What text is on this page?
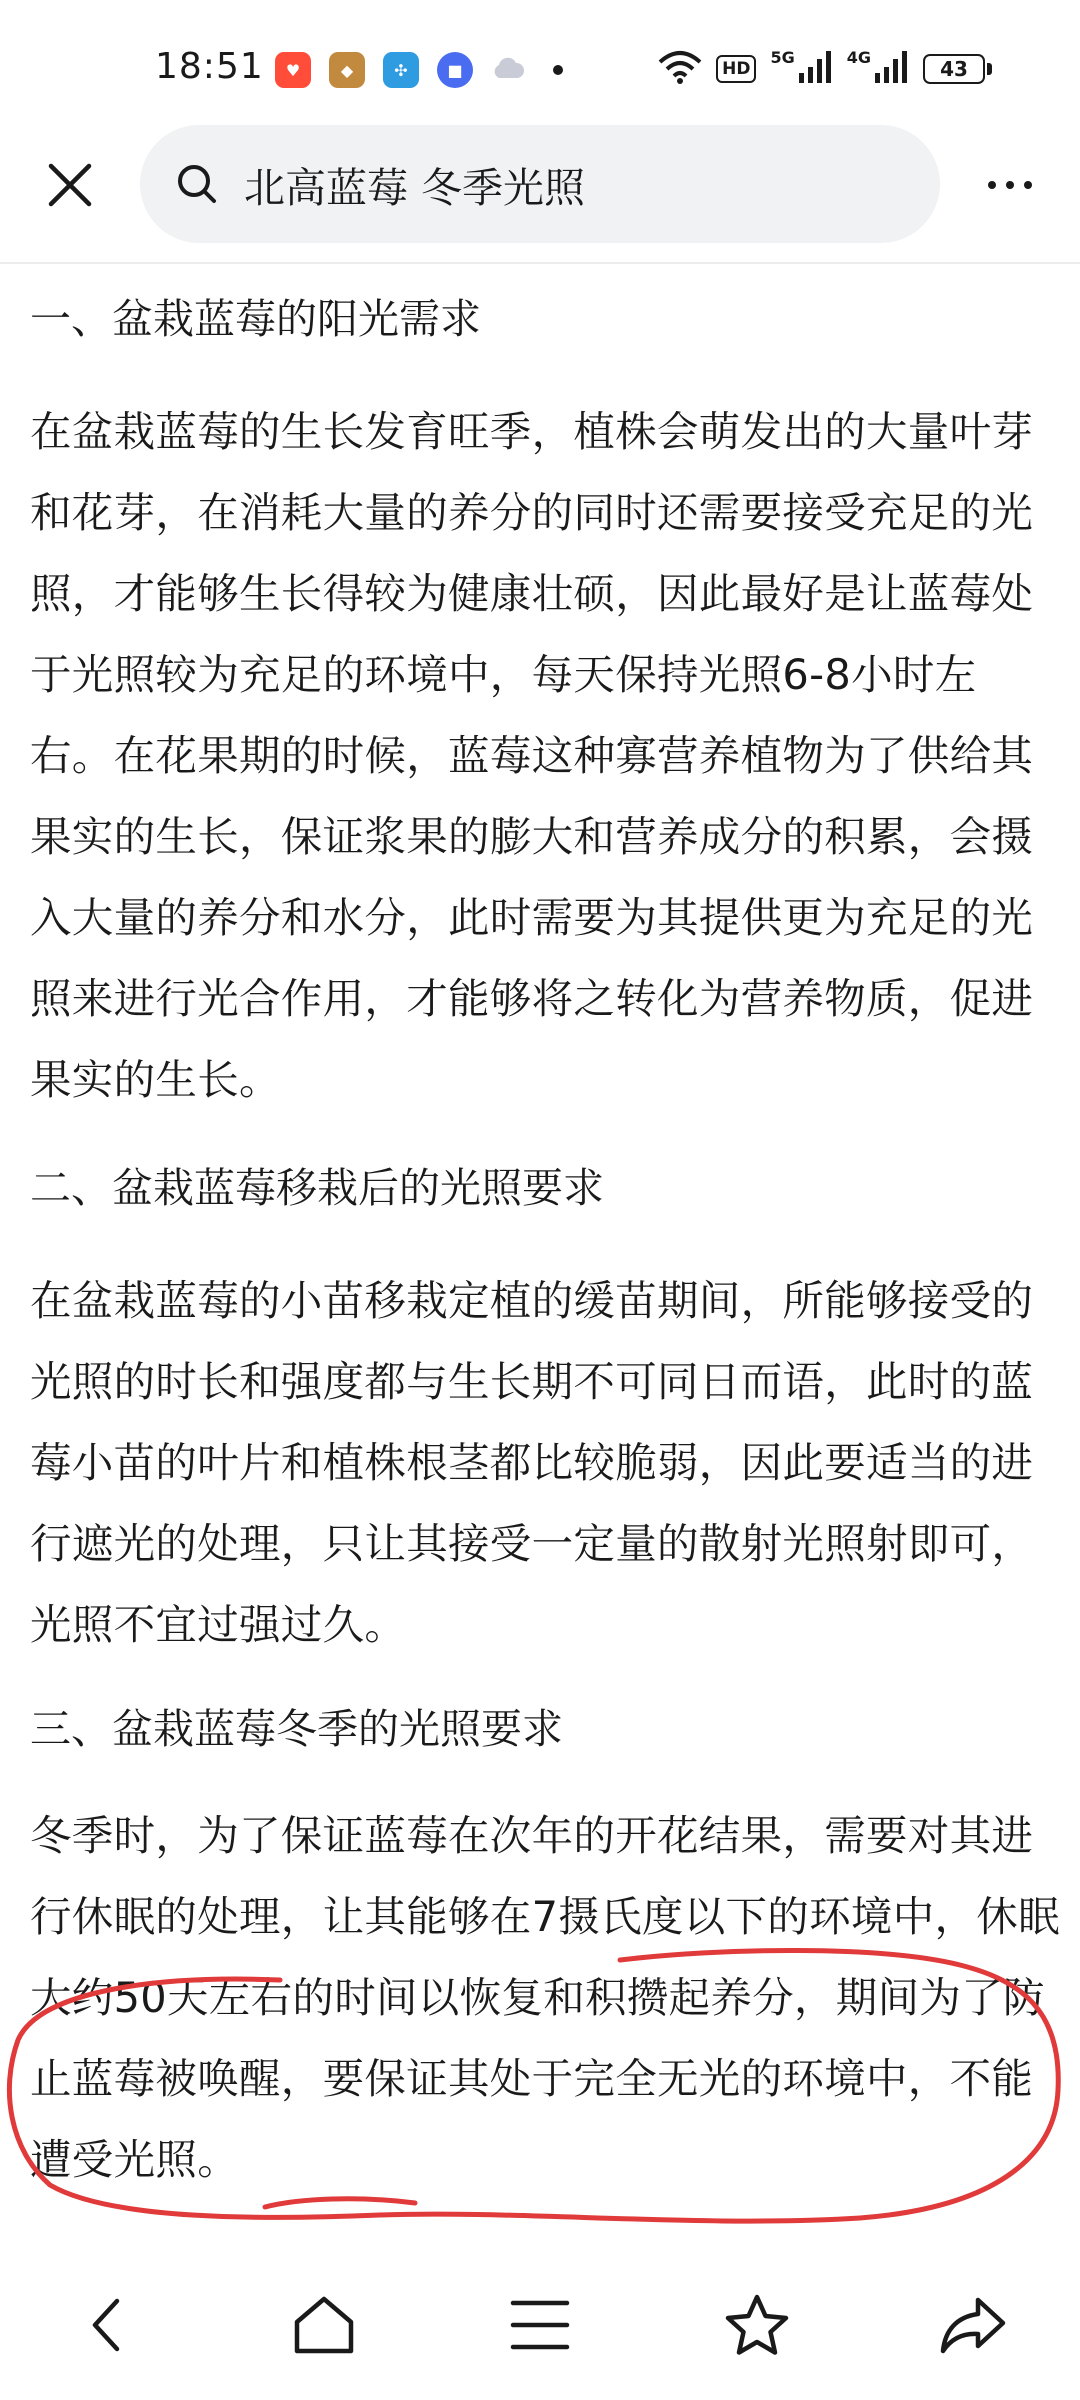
18:51	♥	◆	✣	■	HD
5G	4G	43
北高蓝莓 冬季光照
一、盆栽蓝莓的阳光需求

在盆栽蓝莓的生长发育旺季，植株会萌发出的大量叶芽和花芽，在消耗大量的养分的同时还需要接受充足的光照，才能够生长得较为健康壮硕，因此最好是让蓝莓处于光照较为充足的环境中，每天保持光照6-8小时左右。在花果期的时候，蓝莓这种寡营养植物为了供给其果实的生长，保证浆果的膨大和营养成分的积累，会摄入大量的养分和水分，此时需要为其提供更为充足的光照来进行光合作用，才能够将之转化为营养物质，促进果实的生长。

二、盆栽蓝莓移栽后的光照要求

在盆栽蓝莓的小苗移栽定植的缓苗期间，所能够接受的光照的时长和强度都与生长期不可同日而语，此时的蓝莓小苗的叶片和植株根茎都比较脆弱，因此要适当的进行遮光的处理，只让其接受一定量的散射光照射即可，光照不宜过强过久。

三、盆栽蓝莓冬季的光照要求

冬季时，为了保证蓝莓在次年的开花结果，需要对其进行休眠的处理，让其能够在7摄氏度以下的环境中，休眠大约50天左右的时间以恢复和积攒起养分，期间为了防止蓝莓被唤醒，要保证其处于完全无光的环境中，不能遭受光照。
